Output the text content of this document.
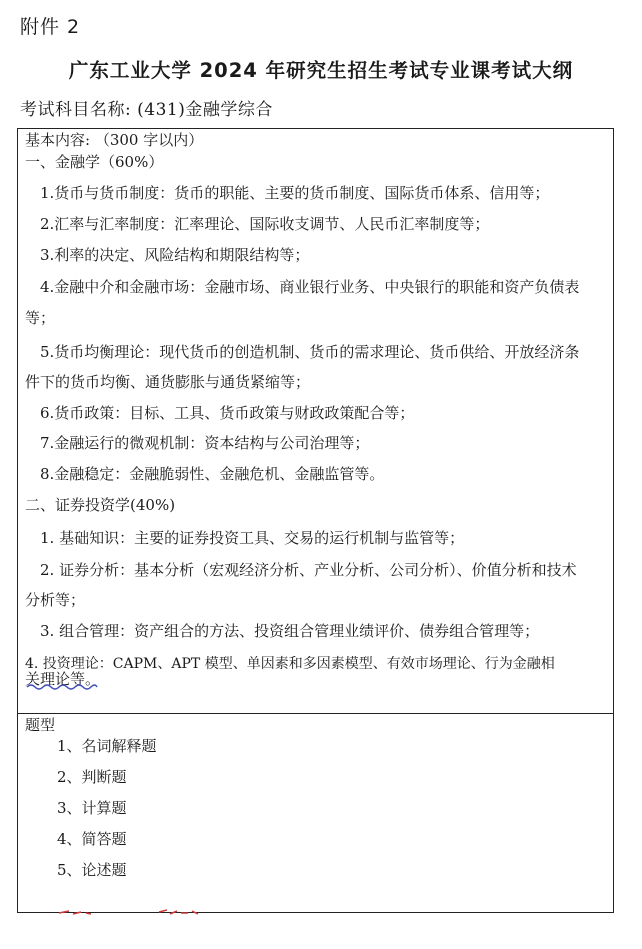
附件 2
广东工业大学 2024 年研究生招生考试专业课考试大纲
考试科目名称: (431)金融学综合
基本内容: （300 字以内）
一、金融学（60%）
1.货币与货币制度：货币的职能、主要的货币制度、国际货币体系、信用等；
2.汇率与汇率制度：汇率理论、国际收支调节、人民币汇率制度等；
3.利率的决定、风险结构和期限结构等；
4.金融中介和金融市场：金融市场、商业银行业务、中央银行的职能和资产负债表
等；
5.货币均衡理论：现代货币的创造机制、货币的需求理论、货币供给、开放经济条
件下的货币均衡、通货膨胀与通货紧缩等；
6.货币政策：目标、工具、货币政策与财政政策配合等；
7.金融运行的微观机制：资本结构与公司治理等；
8.金融稳定：金融脆弱性、金融危机、金融监管等。
二、证券投资学(40%)
1. 基础知识：主要的证券投资工具、交易的运行机制与监管等；
2. 证券分析：基本分析（宏观经济分析、产业分析、公司分析）、价值分析和技术
分析等；
3. 组合管理：资产组合的方法、投资组合管理业绩评价、债券组合管理等；
4. 投资理论：CAPM、APT 模型、单因素和多因素模型、有效市场理论、行为金融相
关理论等。
题型
1、名词解释题
2、判断题
3、计算题
4、简答题
5、论述题
